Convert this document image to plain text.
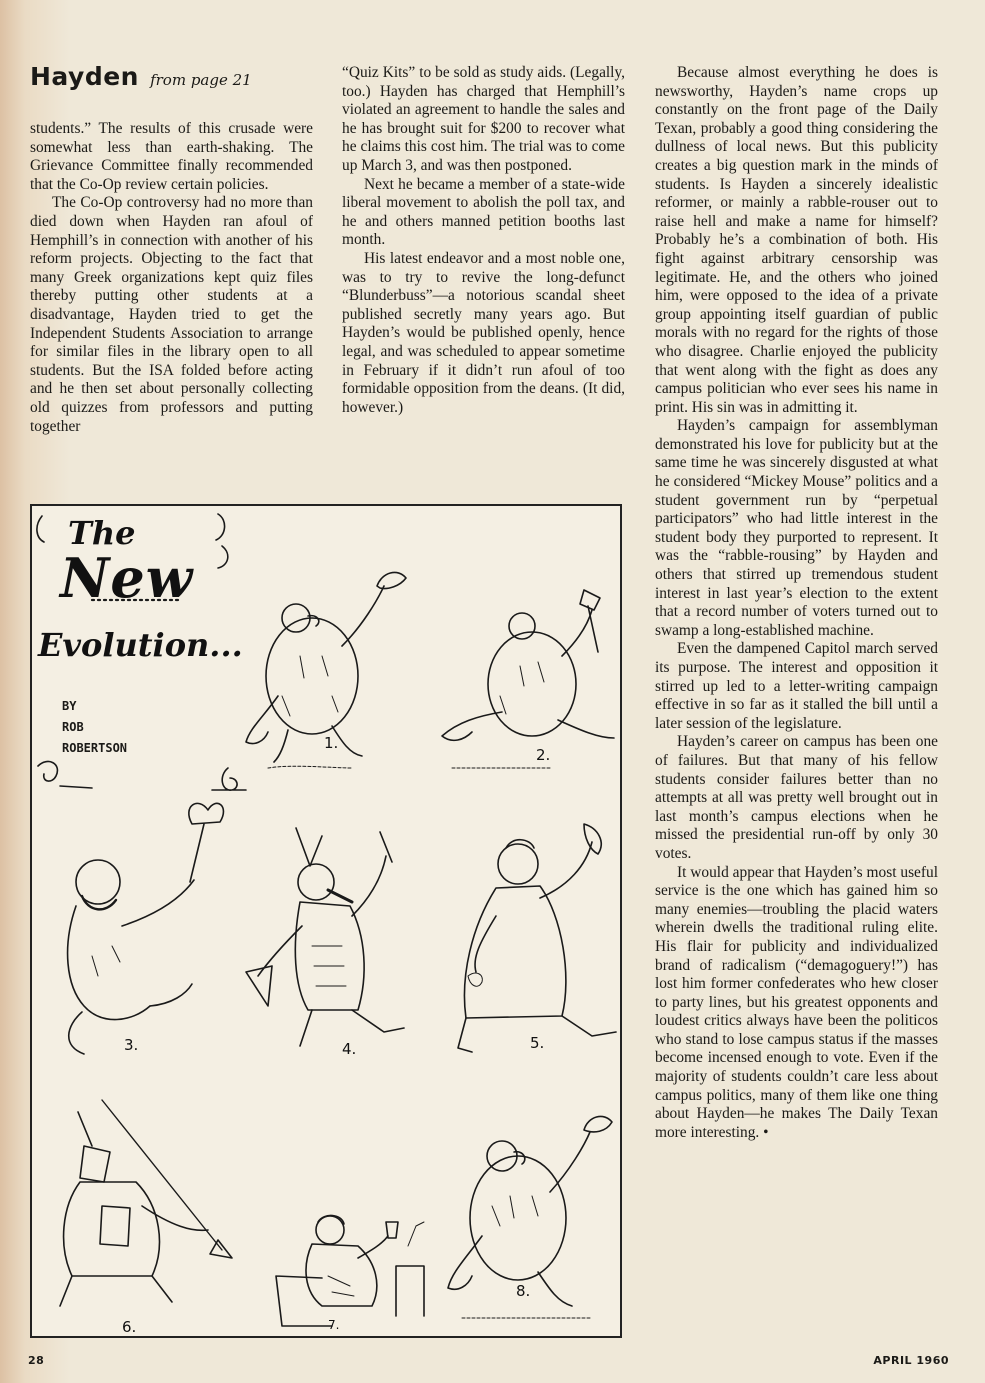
Hayden from page 21

students.” The results of this crusade were somewhat less than earth-shaking. The Grievance Committee finally recommended that the Co-Op review certain policies.

The Co-Op controversy had no more than died down when Hayden ran afoul of Hemphill’s in connection with another of his reform projects. Objecting to the fact that many Greek organizations kept quiz files thereby putting other students at a disadvantage, Hayden tried to get the Independent Students Association to arrange for similar files in the library open to all students. But the ISA folded before acting and he then set about personally collecting old quizzes from professors and putting together

“Quiz Kits” to be sold as study aids. (Legally, too.) Hayden has charged that Hemphill’s violated an agreement to handle the sales and he has brought suit for $200 to recover what he claims this cost him. The trial was to come up March 3, and was then postponed.

Next he became a member of a state-wide liberal movement to abolish the poll tax, and he and others manned petition booths last month.

His latest endeavor and a most noble one, was to try to revive the long-defunct “Blunderbuss”—a notorious scandal sheet published secretly many years ago. But Hayden’s would be published openly, hence legal, and was scheduled to appear sometime in February if it didn’t run afoul of too formidable opposition from the deans. (It did, however.)

Because almost everything he does is newsworthy, Hayden’s name crops up constantly on the front page of the Daily Texan, probably a good thing considering the dullness of local news. But this publicity creates a big question mark in the minds of students. Is Hayden a sincerely idealistic reformer, or mainly a rabble-rouser out to raise hell and make a name for himself? Probably he’s a combination of both. His fight against arbitrary censorship was legitimate. He, and the others who joined him, were opposed to the idea of a private group appointing itself guardian of public morals with no regard for the rights of those who disagree. Charlie enjoyed the publicity that went along with the fight as does any campus politician who ever sees his name in print. His sin was in admitting it.

Hayden’s campaign for assemblyman demonstrated his love for publicity but at the same time he was sincerely disgusted at what he considered “Mickey Mouse” politics and a student government run by “perpetual participators” who had little interest in the student body they purported to represent. It was the “rabble-rousing” by Hayden and others that stirred up tremendous student interest in last year’s election to the extent that a record number of voters turned out to swamp a long-established machine.

Even the dampened Capitol march served its purpose. The interest and opposition it stirred up led to a letter-writing campaign effective in so far as it stalled the bill until a later session of the legislature.

Hayden’s career on campus has been one of failures. But that many of his fellow students consider failures better than no attempts at all was pretty well brought out in last month’s campus elections when he missed the presidential run-off by only 30 votes.

It would appear that Hayden’s most useful service is the one which has gained him so many enemies—troubling the placid waters wherein dwells the traditional ruling elite. His flair for publicity and individualized brand of radicalism (“demagoguery!”) has lost him former confederates who hew closer to party lines, but his greatest opponents and loudest critics always have been the politicos who stand to lose campus status if the masses become incensed enough to vote. Even if the majority of students couldn’t care less about campus politics, many of them like one thing about Hayden—he makes The Daily Texan more interesting. •

The
New
Evolution...
BY
ROB
ROBERTSON	1.
2.
3.	4.	5.
6.	7.
8.
28	APRIL 1960
